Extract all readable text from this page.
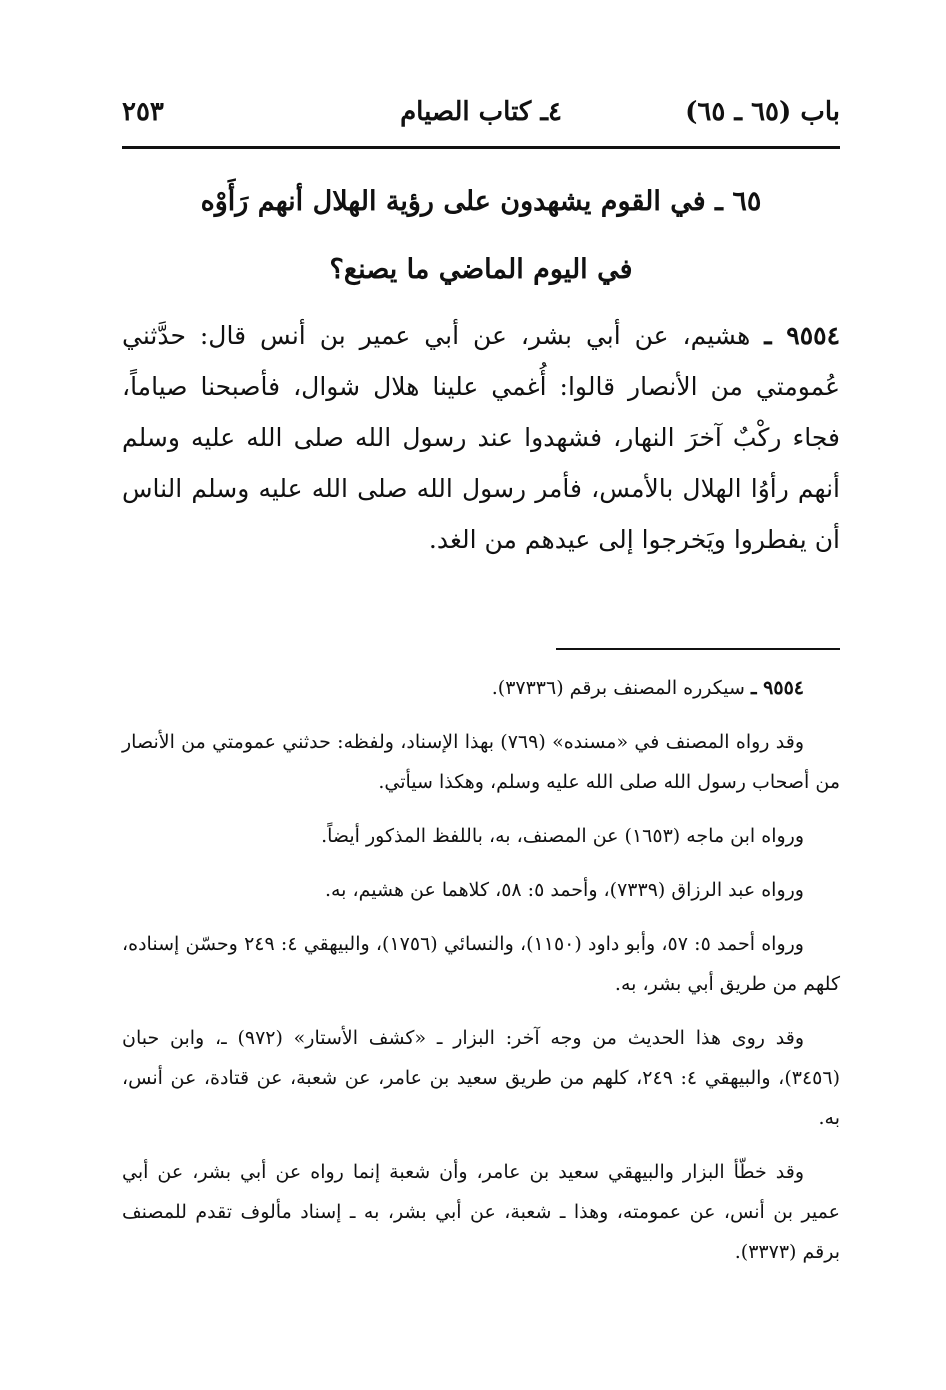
باب (٦٥ ـ ٦٥)
٤ـ كتاب الصيام
٢٥٣
٦٥ ـ في القوم يشهدون على رؤية الهلال أنهم رَأَوْه
في اليوم الماضي ما يصنع؟

٩٥٥٤ ـ هشيم، عن أبي بشر، عن أبي عمير بن أنس قال: حدَّثني عُمومتي من الأنصار قالوا: أُغمي علينا هلال شوال، فأصبحنا صياماً، فجاء ركْبٌ آخرَ النهار، فشهدوا عند رسول الله صلى الله عليه وسلم أنهم رأوُا الهلال بالأمس، فأمر رسول الله صلى الله عليه وسلم الناس أن يفطروا ويَخرجوا إلى عيدهم من الغد.

٩٥٥٤ ـ سيكرره المصنف برقم (٣٧٣٣٦).

وقد رواه المصنف في «مسنده» (٧٦٩) بهذا الإسناد، ولفظه: حدثني عمومتي من الأنصار من أصحاب رسول الله صلى الله عليه وسلم، وهكذا سيأتي.

ورواه ابن ماجه (١٦٥٣) عن المصنف، به، باللفظ المذكور أيضاً.

ورواه عبد الرزاق (٧٣٣٩)، وأحمد ٥: ٥٨، كلاهما عن هشيم، به.

ورواه أحمد ٥: ٥٧، وأبو داود (١١٥٠)، والنسائي (١٧٥٦)، والبيهقي ٤: ٢٤٩ وحسّن إسناده، كلهم من طريق أبي بشر، به.

وقد روى هذا الحديث من وجه آخر: البزار ـ «كشف الأستار» (٩٧٢) ـ، وابن حبان (٣٤٥٦)، والبيهقي ٤: ٢٤٩، كلهم من طريق سعيد بن عامر، عن شعبة، عن قتادة، عن أنس، به.

وقد خطّأ البزار والبيهقي سعيد بن عامر، وأن شعبة إنما رواه عن أبي بشر، عن أبي عمير بن أنس، عن عمومته، وهذا ـ شعبة، عن أبي بشر، به ـ إسناد مألوف تقدم للمصنف برقم (٣٣٧٣).
